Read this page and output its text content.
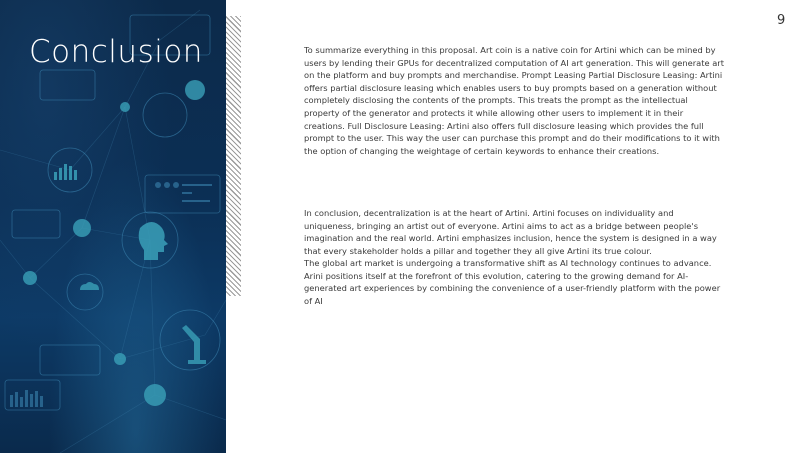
Conclusion
9

To summarize everything in this proposal. Art coin is a native coin for Artini which can be mined by users by lending their GPUs for decentralized computation of AI art generation. This will generate art on the platform and buy prompts and merchandise. Prompt Leasing Partial Disclosure Leasing: Artini offers partial disclosure leasing which enables users to buy prompts based on a generation without completely disclosing the contents of the prompts. This treats the prompt as the intellectual property of the generator and protects it while allowing other users to implement it in their creations. Full Disclosure Leasing: Artini also offers full disclosure leasing which provides the full prompt to the user. This way the user can purchase this prompt and do their modifications to it with the option of changing the weightage of certain keywords to enhance their creations.

In conclusion, decentralization is at the heart of Artini. Artini focuses on individuality and uniqueness, bringing an artist out of everyone. Artini aims to act as a bridge between people's imagination and the real world. Artini emphasizes inclusion, hence the system is designed in a way that every stakeholder holds a pillar and together they all give Artini its true colour.

The global art market is undergoing a transformative shift as AI technology continues to advance. Arini positions itself at the forefront of this evolution, catering to the growing demand for AI-generated art experiences by combining the convenience of a user-friendly platform with the power of AI
